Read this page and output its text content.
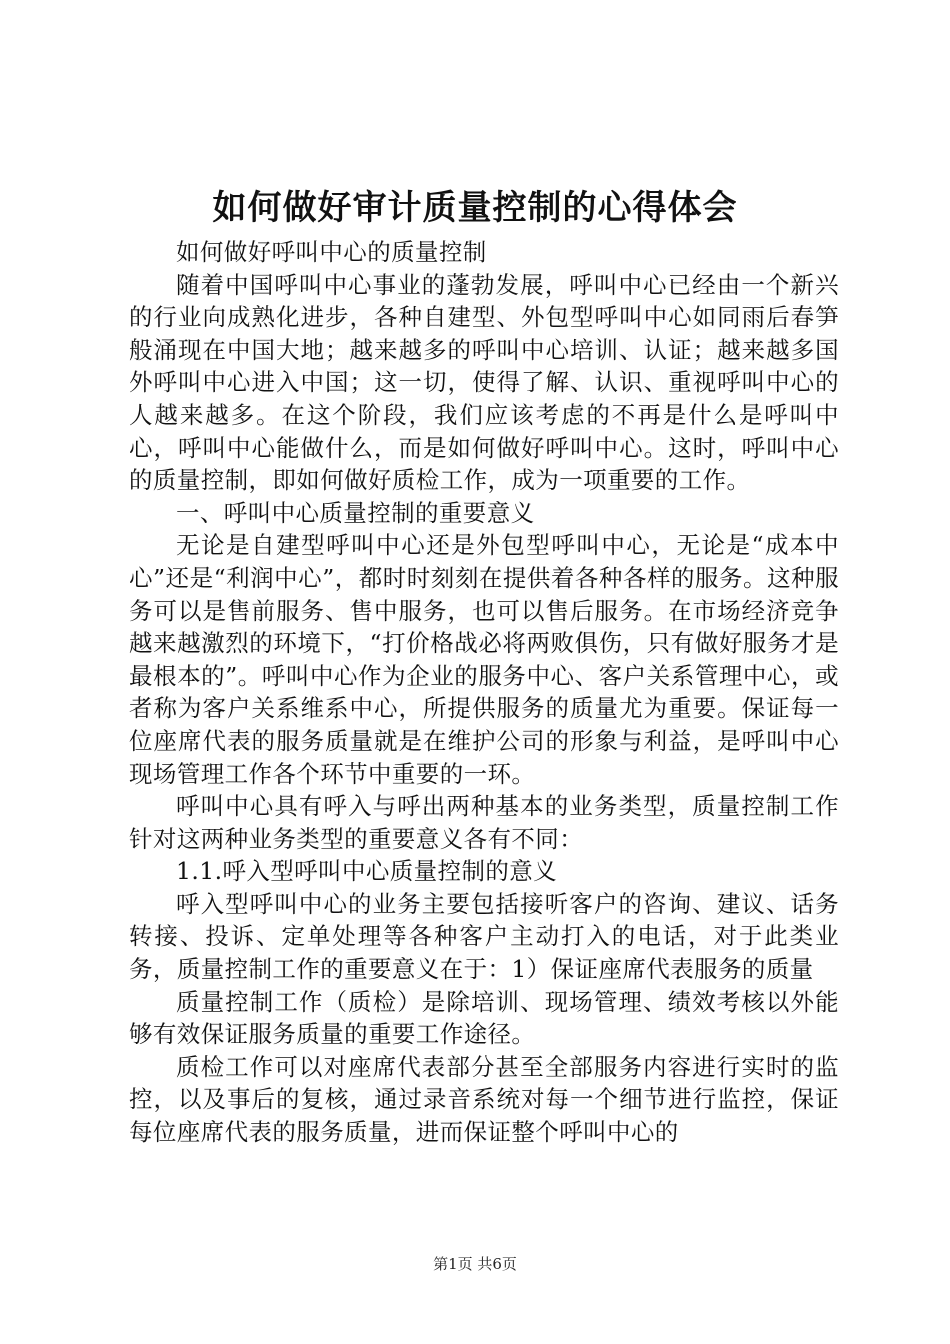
如何做好审计质量控制的心得体会

如何做好呼叫中心的质量控制

随着中国呼叫中心事业的蓬勃发展，呼叫中心已经由一个新兴的行业向成熟化进步，各种自建型、外包型呼叫中心如同雨后春笋般涌现在中国大地；越来越多的呼叫中心培训、认证；越来越多国外呼叫中心进入中国；这一切，使得了解、认识、重视呼叫中心的人越来越多。在这个阶段，我们应该考虑的不再是什么是呼叫中心，呼叫中心能做什么，而是如何做好呼叫中心。这时，呼叫中心的质量控制，即如何做好质检工作，成为一项重要的工作。

一、呼叫中心质量控制的重要意义

无论是自建型呼叫中心还是外包型呼叫中心，无论是“成本中心”还是“利润中心”，都时时刻刻在提供着各种各样的服务。这种服务可以是售前服务、售中服务，也可以售后服务。在市场经济竞争越来越激烈的环境下，“打价格战必将两败俱伤，只有做好服务才是最根本的”。呼叫中心作为企业的服务中心、客户关系管理中心，或者称为客户关系维系中心，所提供服务的质量尤为重要。保证每一位座席代表的服务质量就是在维护公司的形象与利益，是呼叫中心现场管理工作各个环节中重要的一环。

呼叫中心具有呼入与呼出两种基本的业务类型，质量控制工作针对这两种业务类型的重要意义各有不同：

1.1.呼入型呼叫中心质量控制的意义

呼入型呼叫中心的业务主要包括接听客户的咨询、建议、话务转接、投诉、定单处理等各种客户主动打入的电话，对于此类业务，质量控制工作的重要意义在于：1）保证座席代表服务的质量

质量控制工作（质检）是除培训、现场管理、绩效考核以外能够有效保证服务质量的重要工作途径。

质检工作可以对座席代表部分甚至全部服务内容进行实时的监控，以及事后的复核，通过录音系统对每一个细节进行监控，保证每位座席代表的服务质量，进而保证整个呼叫中心的

第1页 共6页
